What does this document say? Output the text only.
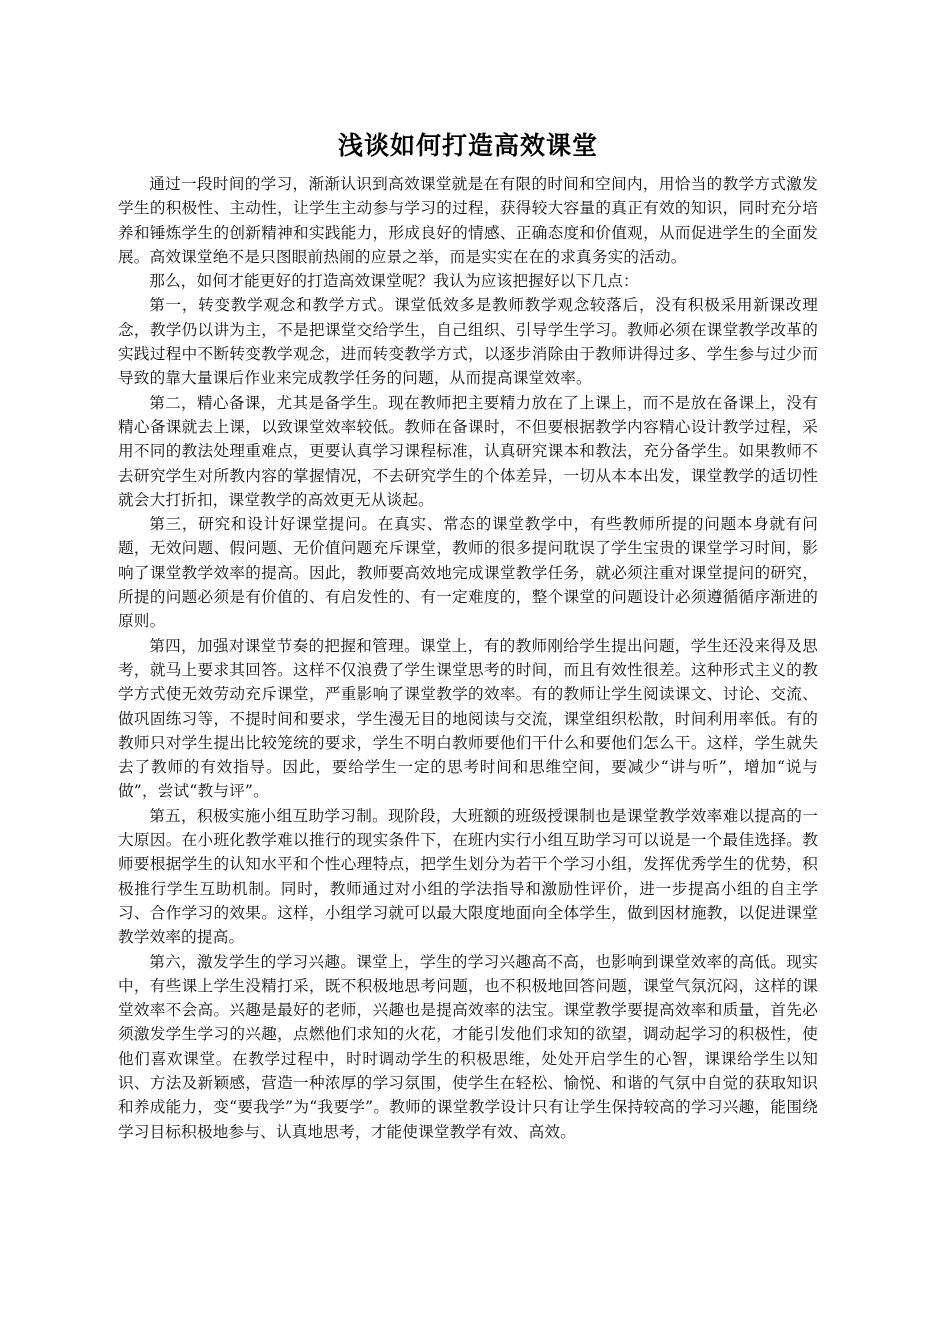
浅谈如何打造高效课堂

通过一段时间的学习，渐渐认识到高效课堂就是在有限的时间和空间内，用恰当的教学方式激发学生的积极性、主动性，让学生主动参与学习的过程，获得较大容量的真正有效的知识，同时充分培养和锤炼学生的创新精神和实践能力，形成良好的情感、正确态度和价值观，从而促进学生的全面发展。高效课堂绝不是只图眼前热闹的应景之举，而是实实在在的求真务实的活动。

那么，如何才能更好的打造高效课堂呢？我认为应该把握好以下几点：

第一，转变教学观念和教学方式。课堂低效多是教师教学观念较落后，没有积极采用新课改理念，教学仍以讲为主，不是把课堂交给学生，自己组织、引导学生学习。教师必须在课堂教学改革的实践过程中不断转变教学观念，进而转变教学方式，以逐步消除由于教师讲得过多、学生参与过少而导致的靠大量课后作业来完成教学任务的问题，从而提高课堂效率。

第二，精心备课，尤其是备学生。现在教师把主要精力放在了上课上，而不是放在备课上，没有精心备课就去上课，以致课堂效率较低。教师在备课时，不但要根据教学内容精心设计教学过程，采用不同的教法处理重难点，更要认真学习课程标准，认真研究课本和教法，充分备学生。如果教师不去研究学生对所教内容的掌握情况，不去研究学生的个体差异，一切从本本出发，课堂教学的适切性就会大打折扣，课堂教学的高效更无从谈起。

第三，研究和设计好课堂提问。在真实、常态的课堂教学中，有些教师所提的问题本身就有问题，无效问题、假问题、无价值问题充斥课堂，教师的很多提问耽误了学生宝贵的课堂学习时间，影响了课堂教学效率的提高。因此，教师要高效地完成课堂教学任务，就必须注重对课堂提问的研究，所提的问题必须是有价值的、有启发性的、有一定难度的，整个课堂的问题设计必须遵循循序渐进的原则。

第四，加强对课堂节奏的把握和管理。课堂上，有的教师刚给学生提出问题，学生还没来得及思考，就马上要求其回答。这样不仅浪费了学生课堂思考的时间，而且有效性很差。这种形式主义的教学方式使无效劳动充斥课堂，严重影响了课堂教学的效率。有的教师让学生阅读课文、讨论、交流、做巩固练习等，不提时间和要求，学生漫无目的地阅读与交流，课堂组织松散，时间利用率低。有的教师只对学生提出比较笼统的要求，学生不明白教师要他们干什么和要他们怎么干。这样，学生就失去了教师的有效指导。因此，要给学生一定的思考时间和思维空间，要减少“讲与听”，增加“说与做”，尝试“教与评”。

第五，积极实施小组互助学习制。现阶段，大班额的班级授课制也是课堂教学效率难以提高的一大原因。在小班化教学难以推行的现实条件下，在班内实行小组互助学习可以说是一个最佳选择。教师要根据学生的认知水平和个性心理特点，把学生划分为若干个学习小组，发挥优秀学生的优势，积极推行学生互助机制。同时，教师通过对小组的学法指导和激励性评价，进一步提高小组的自主学习、合作学习的效果。这样，小组学习就可以最大限度地面向全体学生，做到因材施教，以促进课堂教学效率的提高。

第六，激发学生的学习兴趣。课堂上，学生的学习兴趣高不高，也影响到课堂效率的高低。现实中，有些课上学生没精打采，既不积极地思考问题，也不积极地回答问题，课堂气氛沉闷，这样的课堂效率不会高。兴趣是最好的老师，兴趣也是提高效率的法宝。课堂教学要提高效率和质量，首先必须激发学生学习的兴趣，点燃他们求知的火花，才能引发他们求知的欲望，调动起学习的积极性，使他们喜欢课堂。在教学过程中，时时调动学生的积极思维，处处开启学生的心智，课课给学生以知识、方法及新颖感，营造一种浓厚的学习氛围，使学生在轻松、愉悦、和谐的气氛中自觉的获取知识和养成能力，变“要我学”为“我要学”。教师的课堂教学设计只有让学生保持较高的学习兴趣，能围绕学习目标积极地参与、认真地思考，才能使课堂教学有效、高效。
